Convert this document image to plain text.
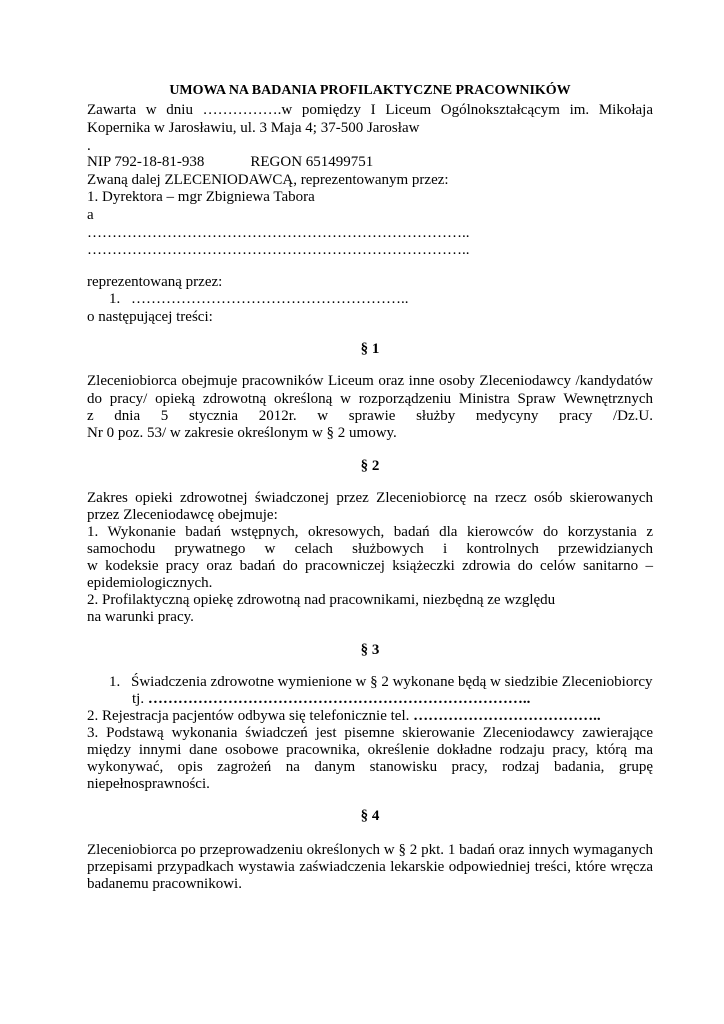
UMOWA NA BADANIA PROFILAKTYCZNE PRACOWNIKÓW
Zawarta w dniu …………….w pomiędzy I Liceum Ogólnokształcącym im. Mikołaja
Kopernika w Jarosławiu, ul. 3 Maja 4; 37-500 Jarosław
.
NIP 792-18-81-938	REGON 651499751
Zwaną dalej ZLECENIODAWCĄ, reprezentowanym przez:
1. Dyrektora – mgr Zbigniewa Tabora
a
…………………………………………………………………..
…………………………………………………………………..
reprezentowaną przez:
1. ………………………………………………..
o następującej treści:
§ 1
Zleceniobiorca obejmuje pracowników Liceum oraz inne osoby Zleceniodawcy /kandydatów
do pracy/ opieką zdrowotną określoną w rozporządzeniu Ministra Spraw Wewnętrznych
z dnia 5 stycznia 2012r. w sprawie służby medycyny pracy /Dz.U.
Nr 0 poz. 53/ w zakresie określonym w § 2 umowy.
§ 2
Zakres opieki zdrowotnej świadczonej przez Zleceniobiorcę na rzecz osób skierowanych
przez Zleceniodawcę obejmuje:
1. Wykonanie badań wstępnych, okresowych, badań dla kierowców do korzystania z
samochodu prywatnego w celach służbowych i kontrolnych przewidzianych
w kodeksie pracy oraz badań do pracowniczej książeczki zdrowia do celów sanitarno –
epidemiologicznych.
2. Profilaktyczną opiekę zdrowotną nad pracownikami, niezbędną ze względu
na warunki pracy.
§ 3
1. Świadczenia zdrowotne wymienione w § 2 wykonane będą w siedzibie Zleceniobiorcy
tj. …………………………………………………………………..
2. Rejestracja pacjentów odbywa się telefonicznie tel. ………………………………..
3. Podstawą wykonania świadczeń jest pisemne skierowanie Zleceniodawcy zawierające
między innymi dane osobowe pracownika, określenie dokładne rodzaju pracy, którą ma
wykonywać, opis zagrożeń na danym stanowisku pracy, rodzaj badania, grupę
niepełnosprawności.
§ 4
Zleceniobiorca po przeprowadzeniu określonych w § 2 pkt. 1 badań oraz innych wymaganych
przepisami przypadkach wystawia zaświadczenia lekarskie odpowiedniej treści, które wręcza
badanemu pracownikowi.
